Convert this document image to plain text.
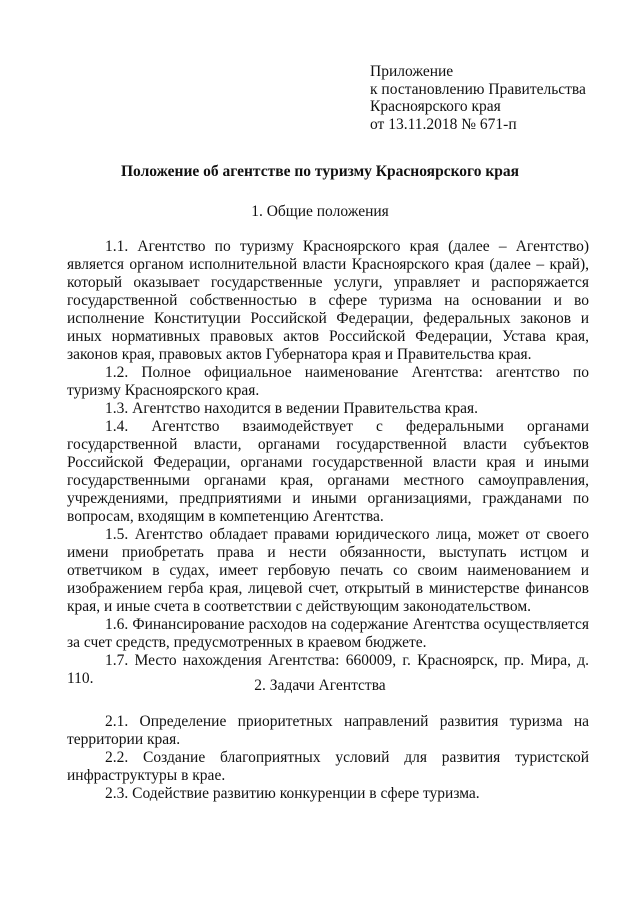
Приложение
к постановлению Правительства
Красноярского края
от 13.11.2018 № 671-п
Положение об агентстве по туризму Красноярского края
1. Общие положения

1.1. Агентство по туризму Красноярского края (далее – Агентство) является органом исполнительной власти Красноярского края (далее – край), который оказывает государственные услуги, управляет и распоряжается государственной собственностью в сфере туризма на основании и во исполнение Конституции Российской Федерации, федеральных законов и иных нормативных правовых актов Российской Федерации, Устава края, законов края, правовых актов Губернатора края и Правительства края.

1.2. Полное официальное наименование Агентства: агентство по туризму Красноярского края.

1.3. Агентство находится в ведении Правительства края.

1.4. Агентство взаимодействует с федеральными органами государственной власти, органами государственной власти субъектов Российской Федерации, органами государственной власти края и иными государственными органами края, органами местного самоуправления, учреждениями, предприятиями и иными организациями, гражданами по вопросам, входящим в компетенцию Агентства.

1.5. Агентство обладает правами юридического лица, может от своего имени приобретать права и нести обязанности, выступать истцом и ответчиком в судах, имеет гербовую печать со своим наименованием и изображением герба края, лицевой счет, открытый в министерстве финансов края, и иные счета в соответствии с действующим законодательством.

1.6. Финансирование расходов на содержание Агентства осуществляется за счет средств, предусмотренных в краевом бюджете.

1.7. Место нахождения Агентства: 660009, г. Красноярск, пр. Мира, д. 110.	2. Задачи Агентства

2.1. Определение приоритетных направлений развития туризма на территории края.

2.2. Создание благоприятных условий для развития туристской инфраструктуры в крае.

2.3. Содействие развитию конкуренции в сфере туризма.
